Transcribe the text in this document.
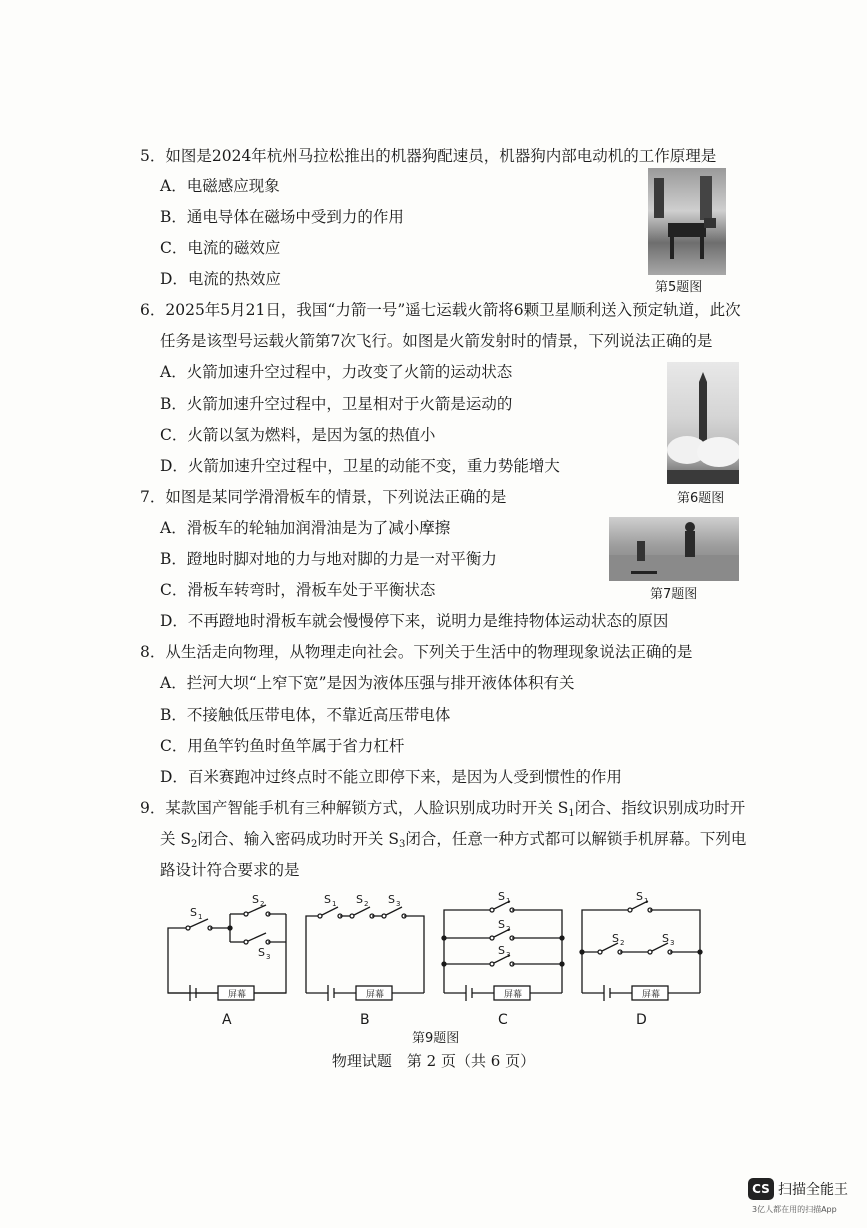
5．如图是2024年杭州马拉松推出的机器狗配速员，机器狗内部电动机的工作原理是
A．电磁感应现象
B．通电导体在磁场中受到力的作用
C．电流的磁效应
D．电流的热效应	第5题图
6．2025年5月21日，我国“力箭一号”遥七运载火箭将6颗卫星顺利送入预定轨道，此次
任务是该型号运载火箭第7次飞行。如图是火箭发射时的情景，下列说法正确的是
A．火箭加速升空过程中，力改变了火箭的运动状态
B．火箭加速升空过程中，卫星相对于火箭是运动的
C．火箭以氢为燃料，是因为氢的热值小
D．火箭加速升空过程中，卫星的动能不变，重力势能增大
第6题图
7．如图是某同学滑滑板车的情景，下列说法正确的是
A．滑板车的轮轴加润滑油是为了减小摩擦
B．蹬地时脚对地的力与地对脚的力是一对平衡力
C．滑板车转弯时，滑板车处于平衡状态
D．不再蹬地时滑板车就会慢慢停下来，说明力是维持物体运动状态的原因
第7题图
8．从生活走向物理，从物理走向社会。下列关于生活中的物理现象说法正确的是
A．拦河大坝“上窄下宽”是因为液体压强与排开液体体积有关
B．不接触低压带电体，不靠近高压带电体
C．用鱼竿钓鱼时鱼竿属于省力杠杆
D．百米赛跑冲过终点时不能立即停下来，是因为人受到惯性的作用
9．某款国产智能手机有三种解锁方式，人脸识别成功时开关 $S_1$闭合、指纹识别成功时开
关 $S_2$闭合、输入密码成功时开关 $S_3$闭合，任意一种方式都可以解锁手机屏幕。下列电
路设计符合要求的是
S 1
S 2
S 3
屏幕
A
S 1 S 2 S 3
屏幕
B
S 1
S 2
S 3
屏幕
C
S 1
S 2	S 3
屏幕
D
第9题图
物理试题　第 2 页（共 6 页）
CS 扫描全能王
3亿人都在用的扫描App
